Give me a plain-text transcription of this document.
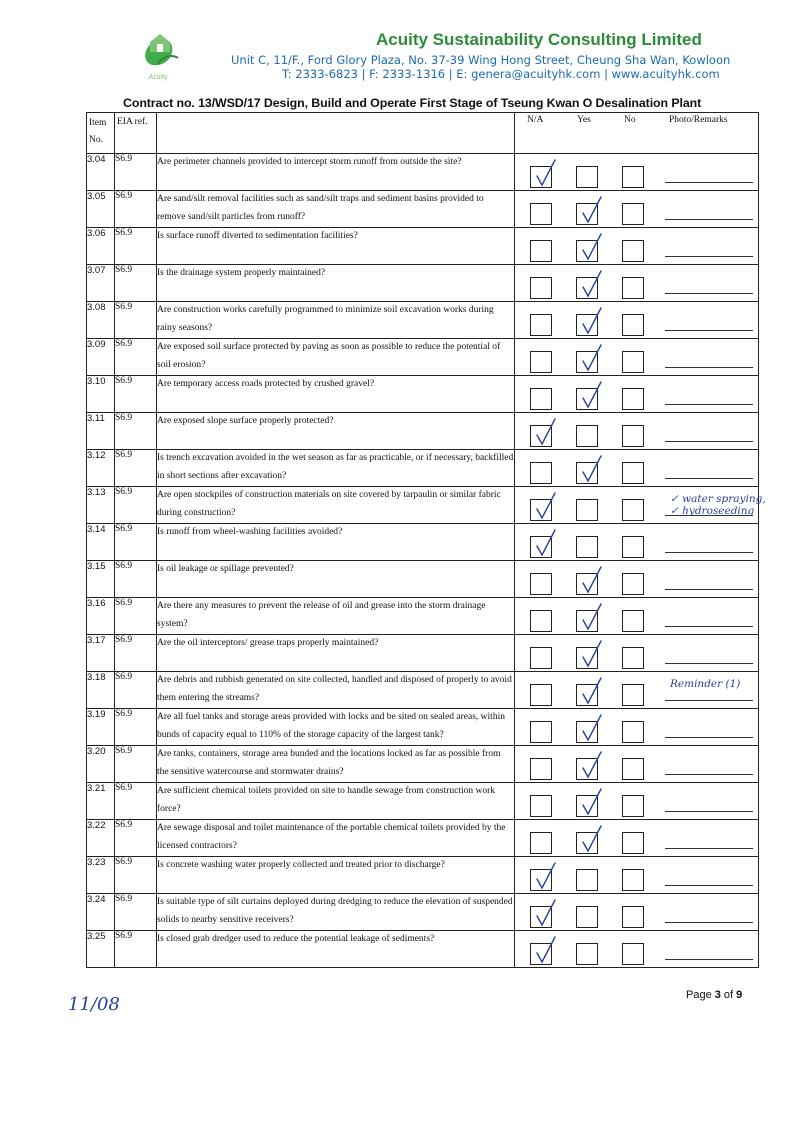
Acuity
Acuity Sustainability Consulting Limited
Unit C, 11/F., Ford Glory Plaza, No. 37-39 Wing Hong Street, Cheung Sha Wan, Kowloon
T: 2333-6823 | F: 2333-1316 | E: genera@acuityhk.com | www.acuityhk.com
Contract no. 13/WSD/17 Design, Build and Operate First Stage of Tseung Kwan O Desalination Plant
Item No.	EIA ref.		N/A Yes No Photo/Remarks

3.04	S6.9	Are perimeter channels provided to intercept storm runoff from outside the site?	

3.05	S6.9	Are sand/silt removal facilities such as sand/silt traps and sediment basins provided to remove sand/silt particles from runoff?	

3.06	S6.9	Is surface runoff diverted to sedimentation facilities?	

3.07	S6.9	Is the drainage system properly maintained?	

3.08	S6.9	Are construction works carefully programmed to minimize soil excavation works during rainy seasons?	

3.09	S6.9	Are exposed soil surface protected by paving as soon as possible to reduce the potential of soil erosion?	

3.10	S6.9	Are temporary access roads protected by crushed gravel?	

3.11	S6.9	Are exposed slope surface properly protected?	

3.12	S6.9	Is trench excavation avoided in the wet season as far as practicable, or if necessary, backfilled in short sections after excavation?	

3.13	S6.9	Are open stockpiles of construction materials on site covered by tarpaulin or similar fabric during construction?	✓ water spraying,
✓ hydroseeding

3.14	S6.9	Is runoff from wheel-washing facilities avoided?	

3.15	S6.9	Is oil leakage or spillage prevented?	

3.16	S6.9	Are there any measures to prevent the release of oil and grease into the storm drainage system?	

3.17	S6.9	Are the oil interceptors/ grease traps properly maintained?	

3.18	S6.9	Are debris and rubbish generated on site collected, handled and disposed of properly to avoid them entering the streams?	Reminder (1)

3.19	S6.9	Are all fuel tanks and storage areas provided with locks and be sited on sealed areas, within bunds of capacity equal to 110% of the storage capacity of the largest tank?	

3.20	S6.9	Are tanks, containers, storage area bunded and the locations locked as far as possible from the sensitive watercourse and stormwater drains?	

3.21	S6.9	Are sufficient chemical toilets provided on site to handle sewage from construction work force?	

3.22	S6.9	Are sewage disposal and toilet maintenance of the portable chemical toilets provided by the licensed contractors?	

3.23	S6.9	Is concrete washing water properly collected and treated prior to discharge?	

3.24	S6.9	Is suitable type of silt curtains deployed during dredging to reduce the elevation of suspended solids to nearby sensitive receivers?	

3.25	S6.9	Is closed grab dredger used to reduce the potential leakage of sediments?	
11/08	Page 3 of 9
